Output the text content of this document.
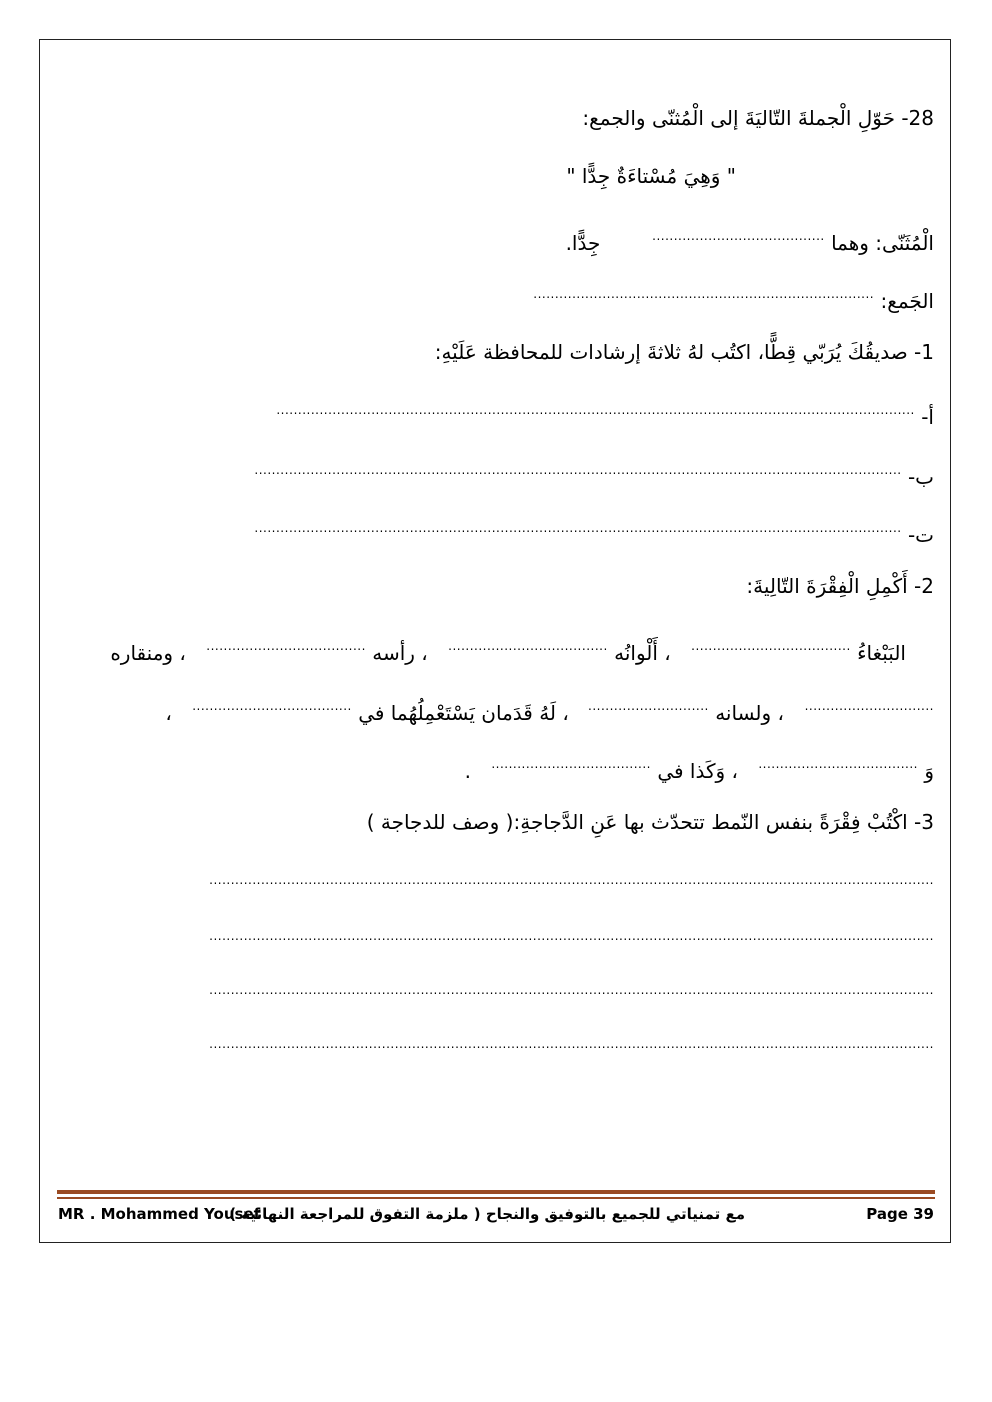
28- حَوّلِ الْجملةَ التّاليَةَ إلى الْمُثنّى والجمع:
" وَهِيَ مُسْتاءَةٌ جِدًّا "
الْمُثَنّى: وهما ........................................ جِدًّا.
الجَمع: ...............................................................................
1- صديقُكَ يُرَبّي قِطًّا، اكتُب لهُ ثلاثةَ إرشادات للمحافظة عَلَيْهِ:
أ- ....................................................................................................................................................
ب- ......................................................................................................................................................
ت- ......................................................................................................................................................
2- أَكْمِلِ الْفِقْرَةَ التّالِيةَ:
البَبْغاءُ .....................................، أَلْوانُه .....................................، رأسه .....................................، ومنقاره
..............................، ولسانه ............................، لَهُ قَدَمان يَسْتَعْمِلُهُما في .....................................،
وَ .....................................، وَكَذا في ......................................
3- اكْتُبْ فِقْرَةً بنفس النّمط تتحدّث بها عَنِ الدَّجاجةِ:( وصف للدجاجة )
........................................................................................................................................................................
........................................................................................................................................................................
........................................................................................................................................................................
........................................................................................................................................................................
MR . Mohammed Yousef
مع تمنياتي للجميع بالتوفيق والنجاح ( ملزمة التفوق للمراجعة النهائية )	Page 39
